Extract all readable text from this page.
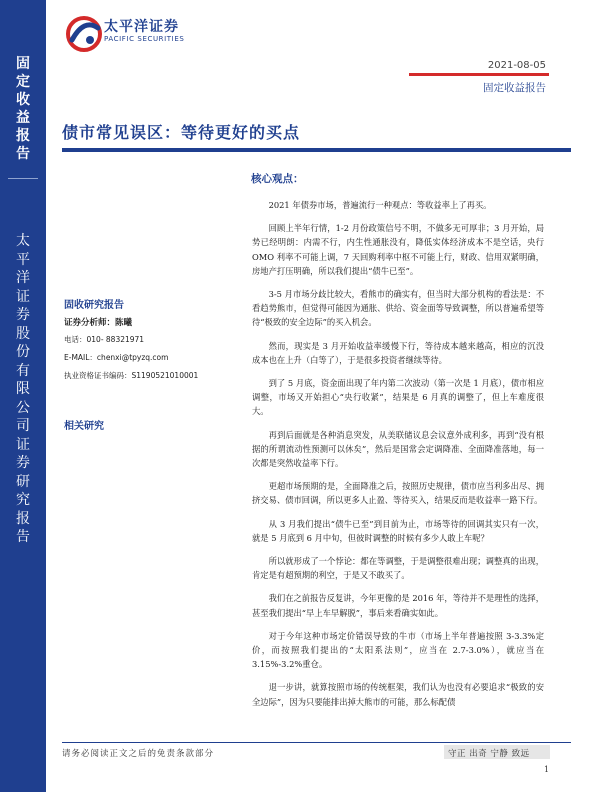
固
定
收
益
报
告
太
平
洋
证
券
股
份
有
限
公
司
证
券
研
究
报
告
太平洋证券
PACIFIC SECURITIES
2021-08-05
固定收益报告
债市常见误区：等待更好的买点
固收研究报告
证券分析师：陈曦
电话：010- 88321971
E-MAIL：chenxi@tpyzq.com
执业资格证书编码：S1190521010001
相关研究
核心观点：

2021 年债券市场，普遍流行一种观点：等收益率上了再买。

回顾上半年行情，1-2 月份政策信号不明，不做多无可厚非；3 月开始，局势已经明朗：内需不行，内生性通胀没有，降低实体经济成本不是空话，央行 OMO 利率不可能上调，7 天回购利率中枢不可能上行，财政、信用双紧明确，房地产打压明确，所以我们提出“债牛已至”。

3-5 月市场分歧比较大，看熊市的确实有，但当时大部分机构的看法是：不看趋势熊市，但觉得可能因为通胀、供给、资金面等导致调整，所以普遍希望等待“极致的安全边际”的买入机会。

然而，现实是 3 月开始收益率缓慢下行，等待成本越来越高，相应的沉没成本也在上升（白等了），于是很多投资者继续等待。

到了 5 月底，资金面出现了年内第二次波动（第一次是 1 月底），债市相应调整，市场又开始担心“央行收紧”，结果是 6 月真的调整了，但上车难度很大。

再到后面就是各种消息突发，从美联储议息会议意外成利多，再到“没有根据的所谓流动性预测可以休矣”，然后是国常会定调降准、全面降准落地，每一次都是突然收益率下行。

更超市场预期的是，全面降准之后，按照历史规律，债市应当利多出尽、拥挤交易、债市回调，所以更多人止盈、等待买入，结果反而是收益率一路下行。

从 3 月我们提出“债牛已至”到目前为止，市场等待的回调其实只有一次，就是 5 月底到 6 月中旬，但彼时调整的时候有多少人敢上车呢？

所以就形成了一个悖论：都在等调整，于是调整很难出现；调整真的出现，肯定是有超预期的利空，于是又不敢买了。

我们在之前报告反复讲，今年更像的是 2016 年，等待并不是理性的选择，甚至我们提出“早上车早解脱”，事后来看确实如此。

对于今年这种市场定价错误导致的牛市（市场上半年普遍按照 3-3.3%定价，而按照我们提出的“太阳系法则”，应当在 2.7-3.0%），就应当在 3.15%-3.2%重仓。

退一步讲，就算按照市场的传统框架，我们认为也没有必要追求“极致的安全边际”，因为只要能排出掉大熊市的可能，那么标配债

请务必阅读正文之后的免责条款部分	守正 出奇 宁静 致远
1
